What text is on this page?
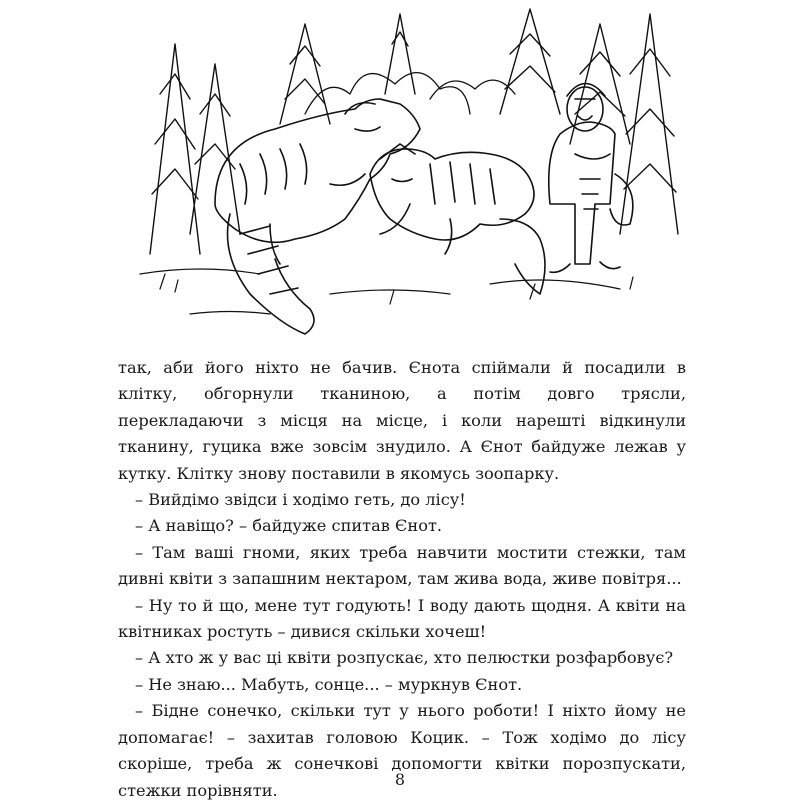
так, аби його ніхто не бачив. Єнота спіймали й посадили в клітку, обгорнули тканиною, а потім довго трясли, перекладаючи з місця на місце, і коли нарешті відкинули тканину, гуцика вже зовсім знудило. А Єнот байдуже лежав у кутку. Клітку знову поставили в якомусь зоопарку.

– Вийдімо звідси і ходімо геть, до лісу!

– А навіщо? – байдуже спитав Єнот.

– Там ваші гноми, яких треба навчити мостити стежки, там дивні квіти з запашним нектаром, там жива вода, живе повітря...

– Ну то й що, мене тут годують! І воду дають щодня. А квіти на квітниках ростуть – дивися скільки хочеш!

– А хто ж у вас ці квіти розпускає, хто пелюстки розфарбовує?

– Не знаю... Мабуть, сонце... – муркнув Єнот.

– Бідне сонечко, скільки тут у нього роботи! І ніхто йому не допомагає! – захитав головою Коцик. – Тож ходімо до лісу скоріше, треба ж сонечкові допомогти квітки порозпускати, стежки порівняти.

8
